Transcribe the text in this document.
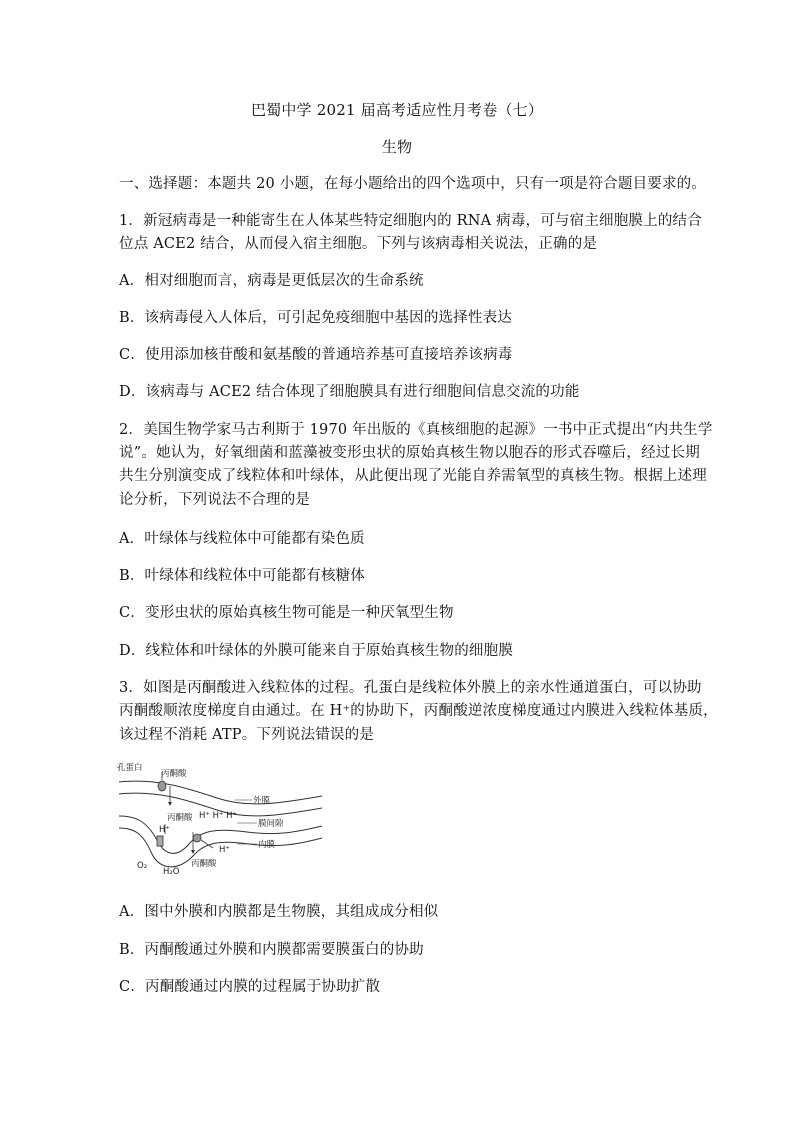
巴蜀中学 2021 届高考适应性月考卷（七）
生物
一、选择题：本题共 20 小题，在每小题给出的四个选项中，只有一项是符合题目要求的。
1．新冠病毒是一种能寄生在人体某些特定细胞内的 RNA 病毒，可与宿主细胞膜上的结合
位点 ACE2 结合，从而侵入宿主细胞。下列与该病毒相关说法，正确的是
A．相对细胞而言，病毒是更低层次的生命系统
B．该病毒侵入人体后，可引起免疫细胞中基因的选择性表达
C．使用添加核苷酸和氨基酸的普通培养基可直接培养该病毒
D．该病毒与 ACE2 结合体现了细胞膜具有进行细胞间信息交流的功能
2．美国生物学家马古利斯于 1970 年出版的《真核细胞的起源》一书中正式提出“内共生学
说”。她认为，好氧细菌和蓝藻被变形虫状的原始真核生物以胞吞的形式吞噬后，经过长期
共生分别演变成了线粒体和叶绿体，从此便出现了光能自养需氧型的真核生物。根据上述理
论分析，下列说法不合理的是
A．叶绿体与线粒体中可能都有染色质
B．叶绿体和线粒体中可能都有核糖体
C．变形虫状的原始真核生物可能是一种厌氧型生物
D．线粒体和叶绿体的外膜可能来自于原始真核生物的细胞膜
3．如图是丙酮酸进入线粒体的过程。孔蛋白是线粒体外膜上的亲水性通道蛋白，可以协助
丙酮酸顺浓度梯度自由通过。在 H⁺的协助下，丙酮酸逆浓度梯度通过内膜进入线粒体基质，
该过程不消耗 ATP。下列说法错误的是
孔蛋白
丙酮酸
外膜
丙酮酸 H⁺ H⁺ H⁺
膜间隙
H⁺
H⁺	内膜
O₂
H₂O
丙酮酸
A．图中外膜和内膜都是生物膜，其组成成分相似
B．丙酮酸通过外膜和内膜都需要膜蛋白的协助
C．丙酮酸通过内膜的过程属于协助扩散
